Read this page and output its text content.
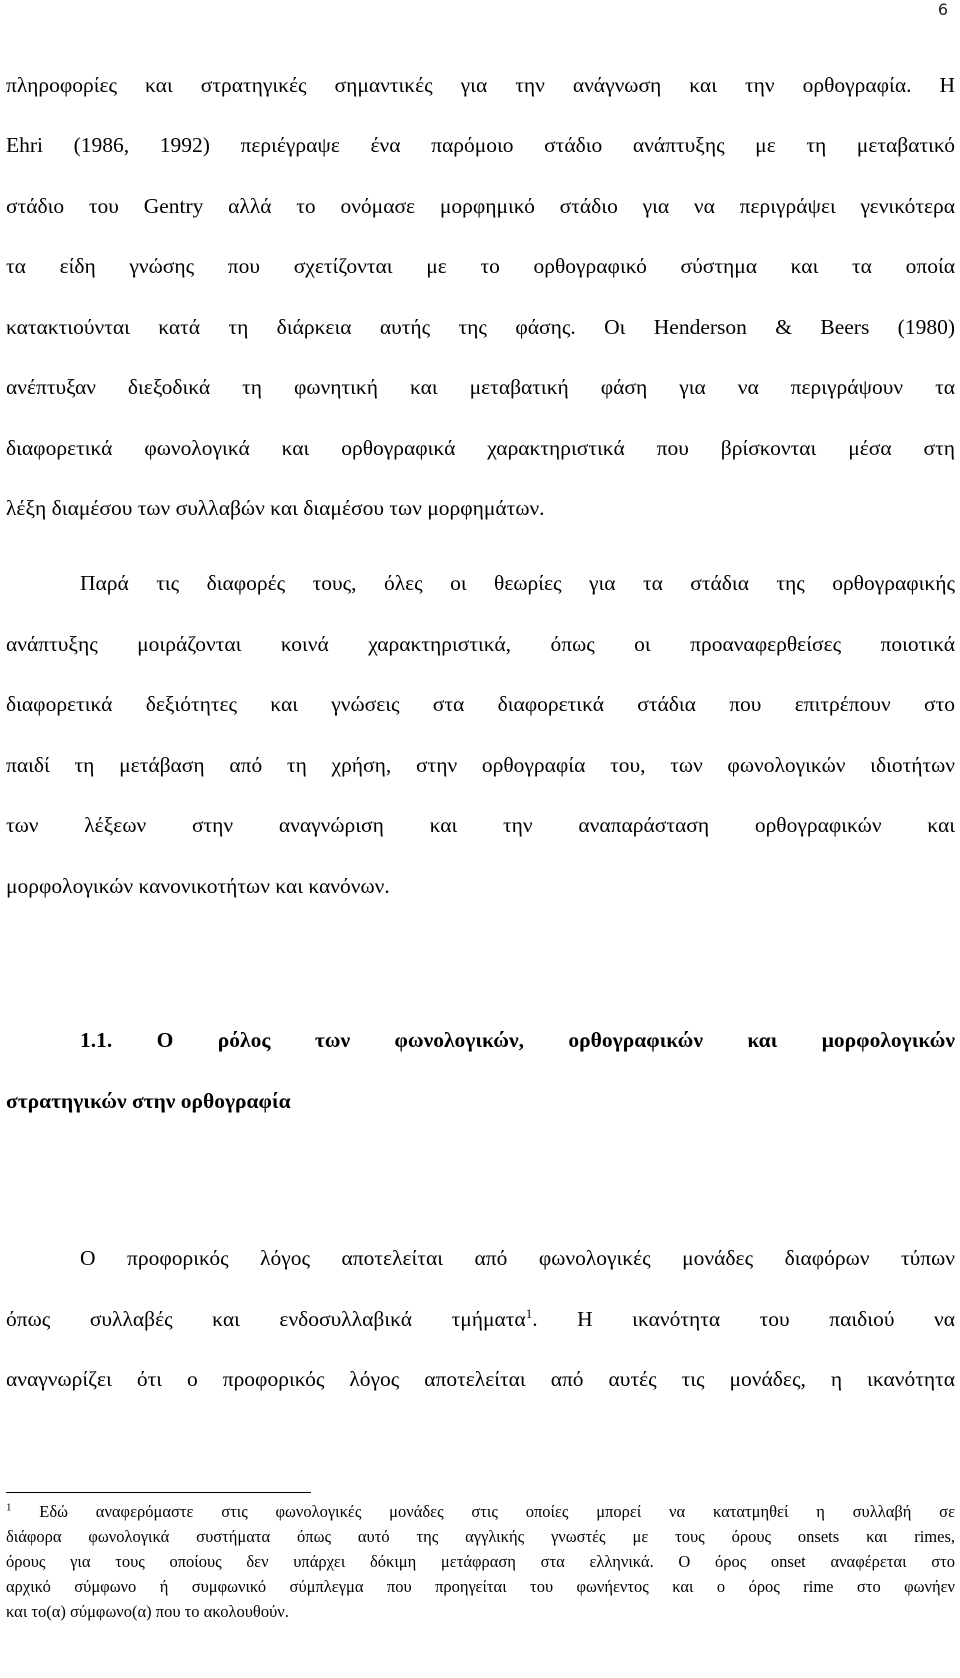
6

πληροφορίες και στρατηγικές σημαντικές για την ανάγνωση και την ορθογραφία. Η

Ehri (1986, 1992) περιέγραψε ένα παρόμοιο στάδιο ανάπτυξης με τη μεταβατικό

στάδιο του Gentry αλλά το ονόμασε μορφημικό στάδιο για να περιγράψει γενικότερα

τα είδη γνώσης που σχετίζονται με το ορθογραφικό σύστημα και τα οποία

κατακτιούνται κατά τη διάρκεια αυτής της φάσης. Οι Henderson & Beers (1980)

ανέπτυξαν διεξοδικά τη φωνητική και μεταβατική φάση για να περιγράψουν τα

διαφορετικά φωνολογικά και ορθογραφικά χαρακτηριστικά που βρίσκονται μέσα στη

λέξη διαμέσου των συλλαβών και διαμέσου των μορφημάτων.

Παρά τις διαφορές τους, όλες οι θεωρίες για τα στάδια της ορθογραφικής

ανάπτυξης μοιράζονται κοινά χαρακτηριστικά, όπως οι προαναφερθείσες ποιοτικά

διαφορετικά δεξιότητες και γνώσεις στα διαφορετικά στάδια που επιτρέπουν στο

παιδί τη μετάβαση από τη χρήση, στην ορθογραφία του, των φωνολογικών ιδιοτήτων

των λέξεων στην αναγνώριση και την αναπαράσταση ορθογραφικών και

μορφολογικών κανονικοτήτων και κανόνων.

1.1. Ο ρόλος των φωνολογικών, ορθογραφικών και μορφολογικών

στρατηγικών στην ορθογραφία

Ο προφορικός λόγος αποτελείται από φωνολογικές μονάδες διαφόρων τύπων

όπως συλλαβές και ενδοσυλλαβικά τμήματα$^1$. Η ικανότητα του παιδιού να

αναγνωρίζει ότι ο προφορικός λόγος αποτελείται από αυτές τις μονάδες, η ικανότητα

$^1$ Εδώ αναφερόμαστε στις φωνολογικές μονάδες στις οποίες μπορεί να κατατμηθεί η συλλαβή σε

διάφορα φωνολογικά συστήματα όπως αυτό της αγγλικής γνωστές με τους όρους onsets και rimes,

όρους για τους οποίους δεν υπάρχει δόκιμη μετάφραση στα ελληνικά. Ο όρος onset αναφέρεται στο

αρχικό σύμφωνο ή συμφωνικό σύμπλεγμα που προηγείται του φωνήεντος και ο όρος rime στο φωνήεν

και το(α) σύμφωνο(α) που το ακολουθούν.
